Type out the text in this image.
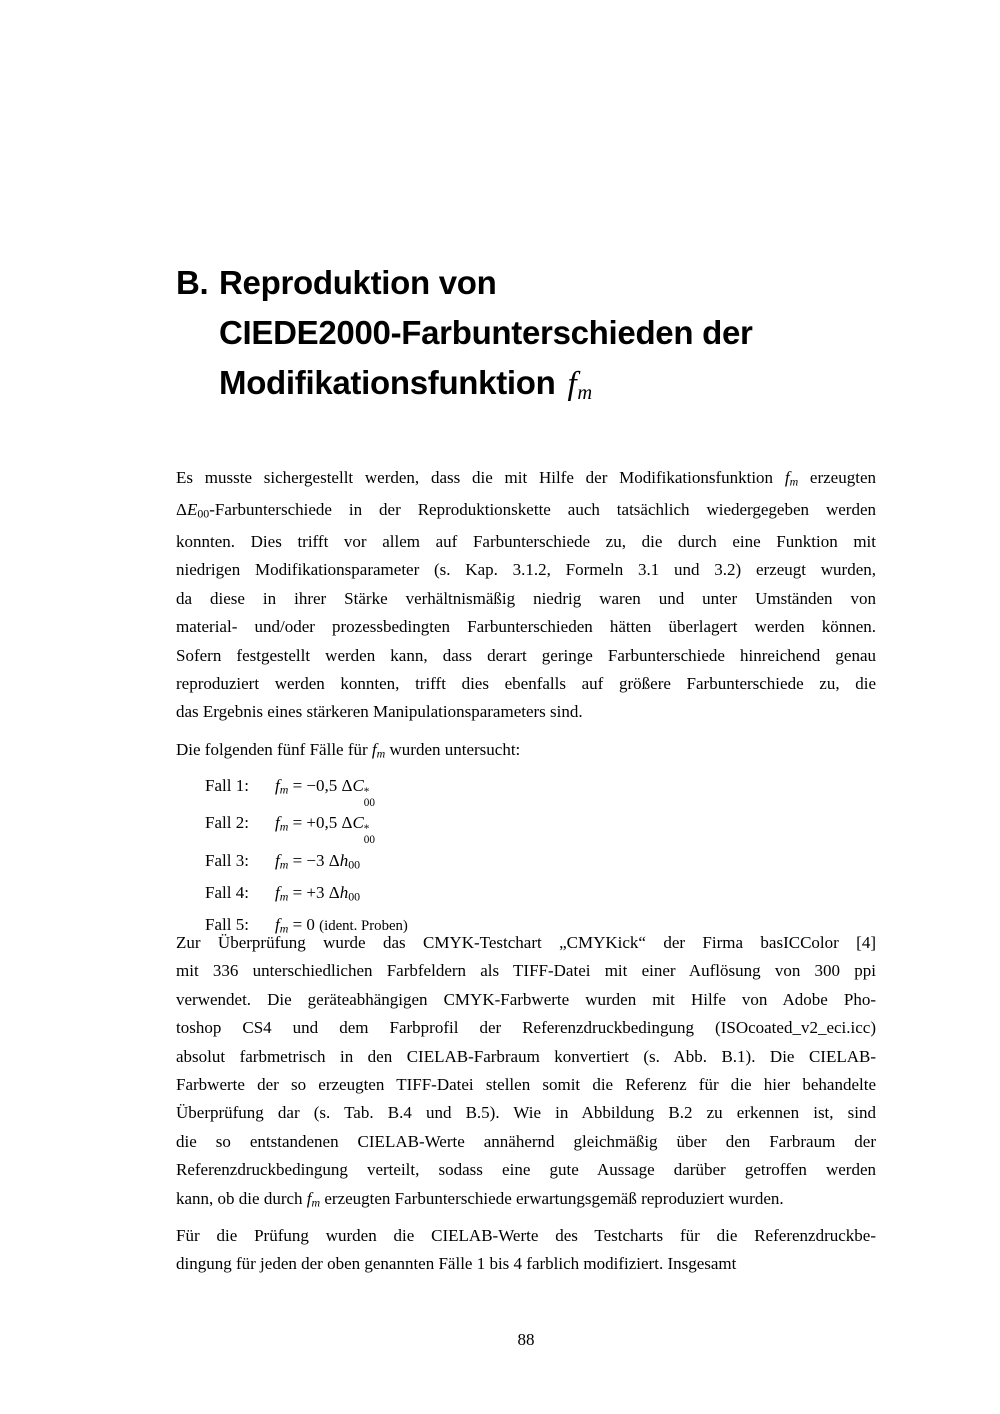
B. Reproduktion von
CIEDE2000-Farbunterschieden der
Modifikationsfunktion fm
Es musste sichergestellt werden, dass die mit Hilfe der Modifikationsfunktion fm erzeugten
$\Delta E_{00}$-Farbunterschiede in der Reproduktionskette auch tatsächlich wiedergegeben werden
konnten. Dies trifft vor allem auf Farbunterschiede zu, die durch eine Funktion mit
niedrigen Modifikationsparameter (s. Kap. 3.1.2, Formeln 3.1 und 3.2) erzeugt wurden,
da diese in ihrer Stärke verhältnismäßig niedrig waren und unter Umständen von
material- und/oder prozessbedingten Farbunterschieden hätten überlagert werden können.
Sofern festgestellt werden kann, dass derart geringe Farbunterschiede hinreichend genau
reproduziert werden konnten, trifft dies ebenfalls auf größere Farbunterschiede zu, die
das Ergebnis eines stärkeren Manipulationsparameters sind.
Die folgenden fünf Fälle für fm wurden untersucht:
Fall 1:	fm = −0,5 ΔC *
00
Fall 2:	fm = +0,5 ΔC *
00
Fall 3:	fm = −3 $\Delta h_{00}$
Fall 4:	fm = +3 $\Delta h_{00}$
Fall 5:	fm = 0 (ident. Proben)
Zur Überprüfung wurde das CMYK-Testchart „CMYKick“ der Firma basICColor [4]
mit 336 unterschiedlichen Farbfeldern als TIFF-Datei mit einer Auflösung von 300 ppi
verwendet. Die geräteabhängigen CMYK-Farbwerte wurden mit Hilfe von Adobe Pho-
toshop CS4 und dem Farbprofil der Referenzdruckbedingung (ISOcoated_v2_eci.icc)
absolut farbmetrisch in den CIELAB-Farbraum konvertiert (s. Abb. B.1). Die CIELAB-
Farbwerte der so erzeugten TIFF-Datei stellen somit die Referenz für die hier behandelte
Überprüfung dar (s. Tab. B.4 und B.5). Wie in Abbildung B.2 zu erkennen ist, sind
die so entstandenen CIELAB-Werte annähernd gleichmäßig über den Farbraum der
Referenzdruckbedingung verteilt, sodass eine gute Aussage darüber getroffen werden
kann, ob die durch fm erzeugten Farbunterschiede erwartungsgemäß reproduziert wurden.
Für die Prüfung wurden die CIELAB-Werte des Testcharts für die Referenzdruckbe-
dingung für jeden der oben genannten Fälle 1 bis 4 farblich modifiziert. Insgesamt
88
